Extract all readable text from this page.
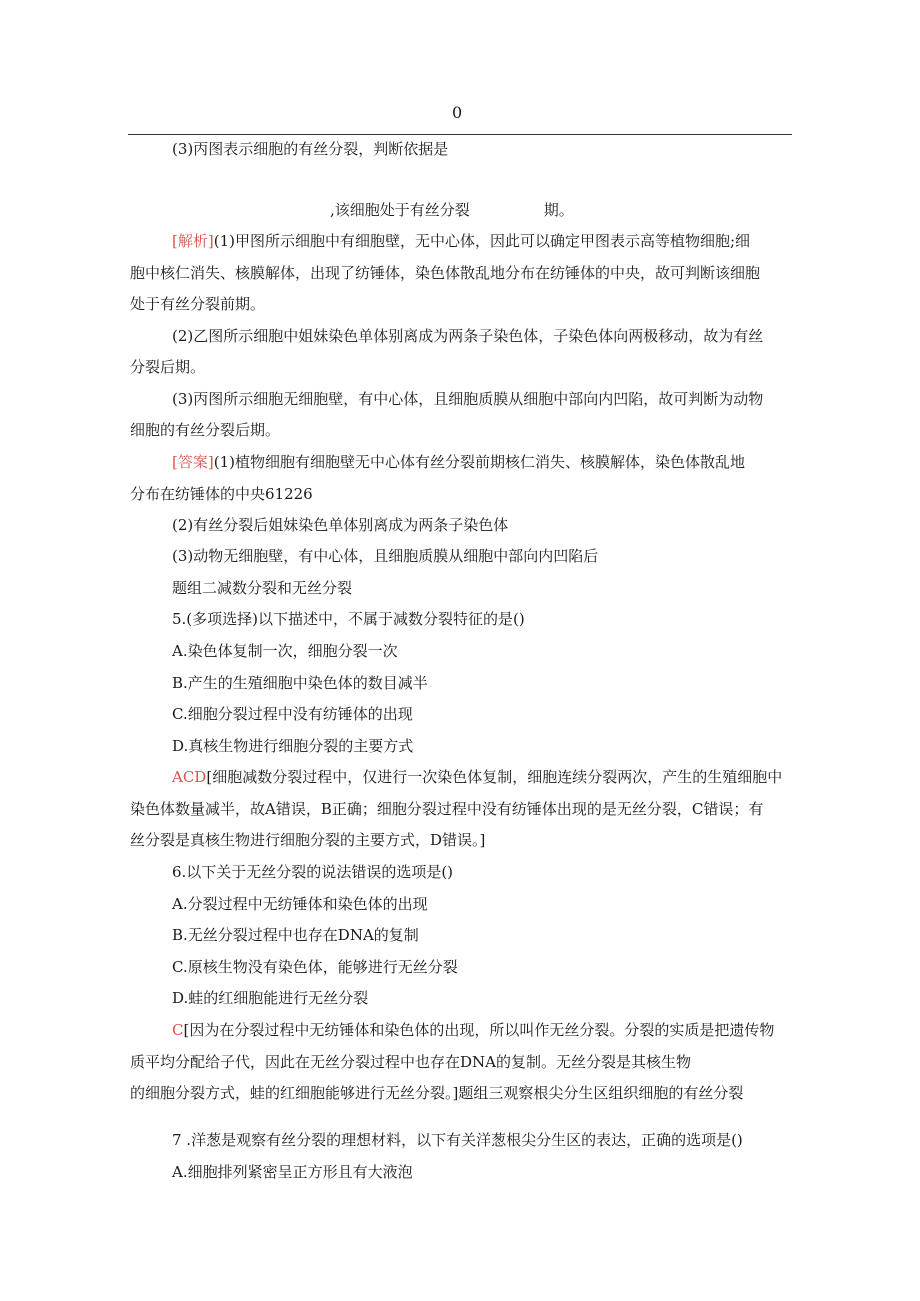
0
(3)丙图表示细胞的有丝分裂，判断依据是
,该细胞处于有丝分裂	期。
[解析](1)甲图所示细胞中有细胞壁，无中心体，因此可以确定甲图表示高等植物细胞;细
胞中核仁消失、核膜解体，出现了纺锤体，染色体散乱地分布在纺锤体的中央，故可判断该细胞
处于有丝分裂前期。
(2)乙图所示细胞中姐妹染色单体别离成为两条子染色体，子染色体向两极移动，故为有丝
分裂后期。
(3)丙图所示细胞无细胞壁，有中心体，且细胞质膜从细胞中部向内凹陷，故可判断为动物
细胞的有丝分裂后期。
[答案](1)植物细胞有细胞壁无中心体有丝分裂前期核仁消失、核膜解体，染色体散乱地
分布在纺锤体的中央61226
(2)有丝分裂后姐妹染色单体别离成为两条子染色体
(3)动物无细胞壁，有中心体，且细胞质膜从细胞中部向内凹陷后
题组二减数分裂和无丝分裂
5.(多项选择)以下描述中，不属于减数分裂特征的是()
A.染色体复制一次，细胞分裂一次
B.产生的生殖细胞中染色体的数目减半
C.细胞分裂过程中没有纺锤体的出现
D.真核生物进行细胞分裂的主要方式
ACD[细胞减数分裂过程中，仅进行一次染色体复制，细胞连续分裂两次，产生的生殖细胞中
染色体数量减半，故A错误，B正确；细胞分裂过程中没有纺锤体出现的是无丝分裂，C错误；有
丝分裂是真核生物进行细胞分裂的主要方式，D错误。]
6.以下关于无丝分裂的说法错误的选项是()
A.分裂过程中无纺锤体和染色体的出现
B.无丝分裂过程中也存在DNA的复制
C.原核生物没有染色体，能够进行无丝分裂
D.蛙的红细胞能进行无丝分裂
C[因为在分裂过程中无纺锤体和染色体的出现，所以叫作无丝分裂。分裂的实质是把遗传物
质平均分配给子代，因此在无丝分裂过程中也存在DNA的复制。无丝分裂是其核生物
的细胞分裂方式，蛙的红细胞能够进行无丝分裂。]题组三观察根尖分生区组织细胞的有丝分裂
7 .洋葱是观察有丝分裂的理想材料，以下有关洋葱根尖分生区的表达，正确的选项是()
A.细胞排列紧密呈正方形且有大液泡
